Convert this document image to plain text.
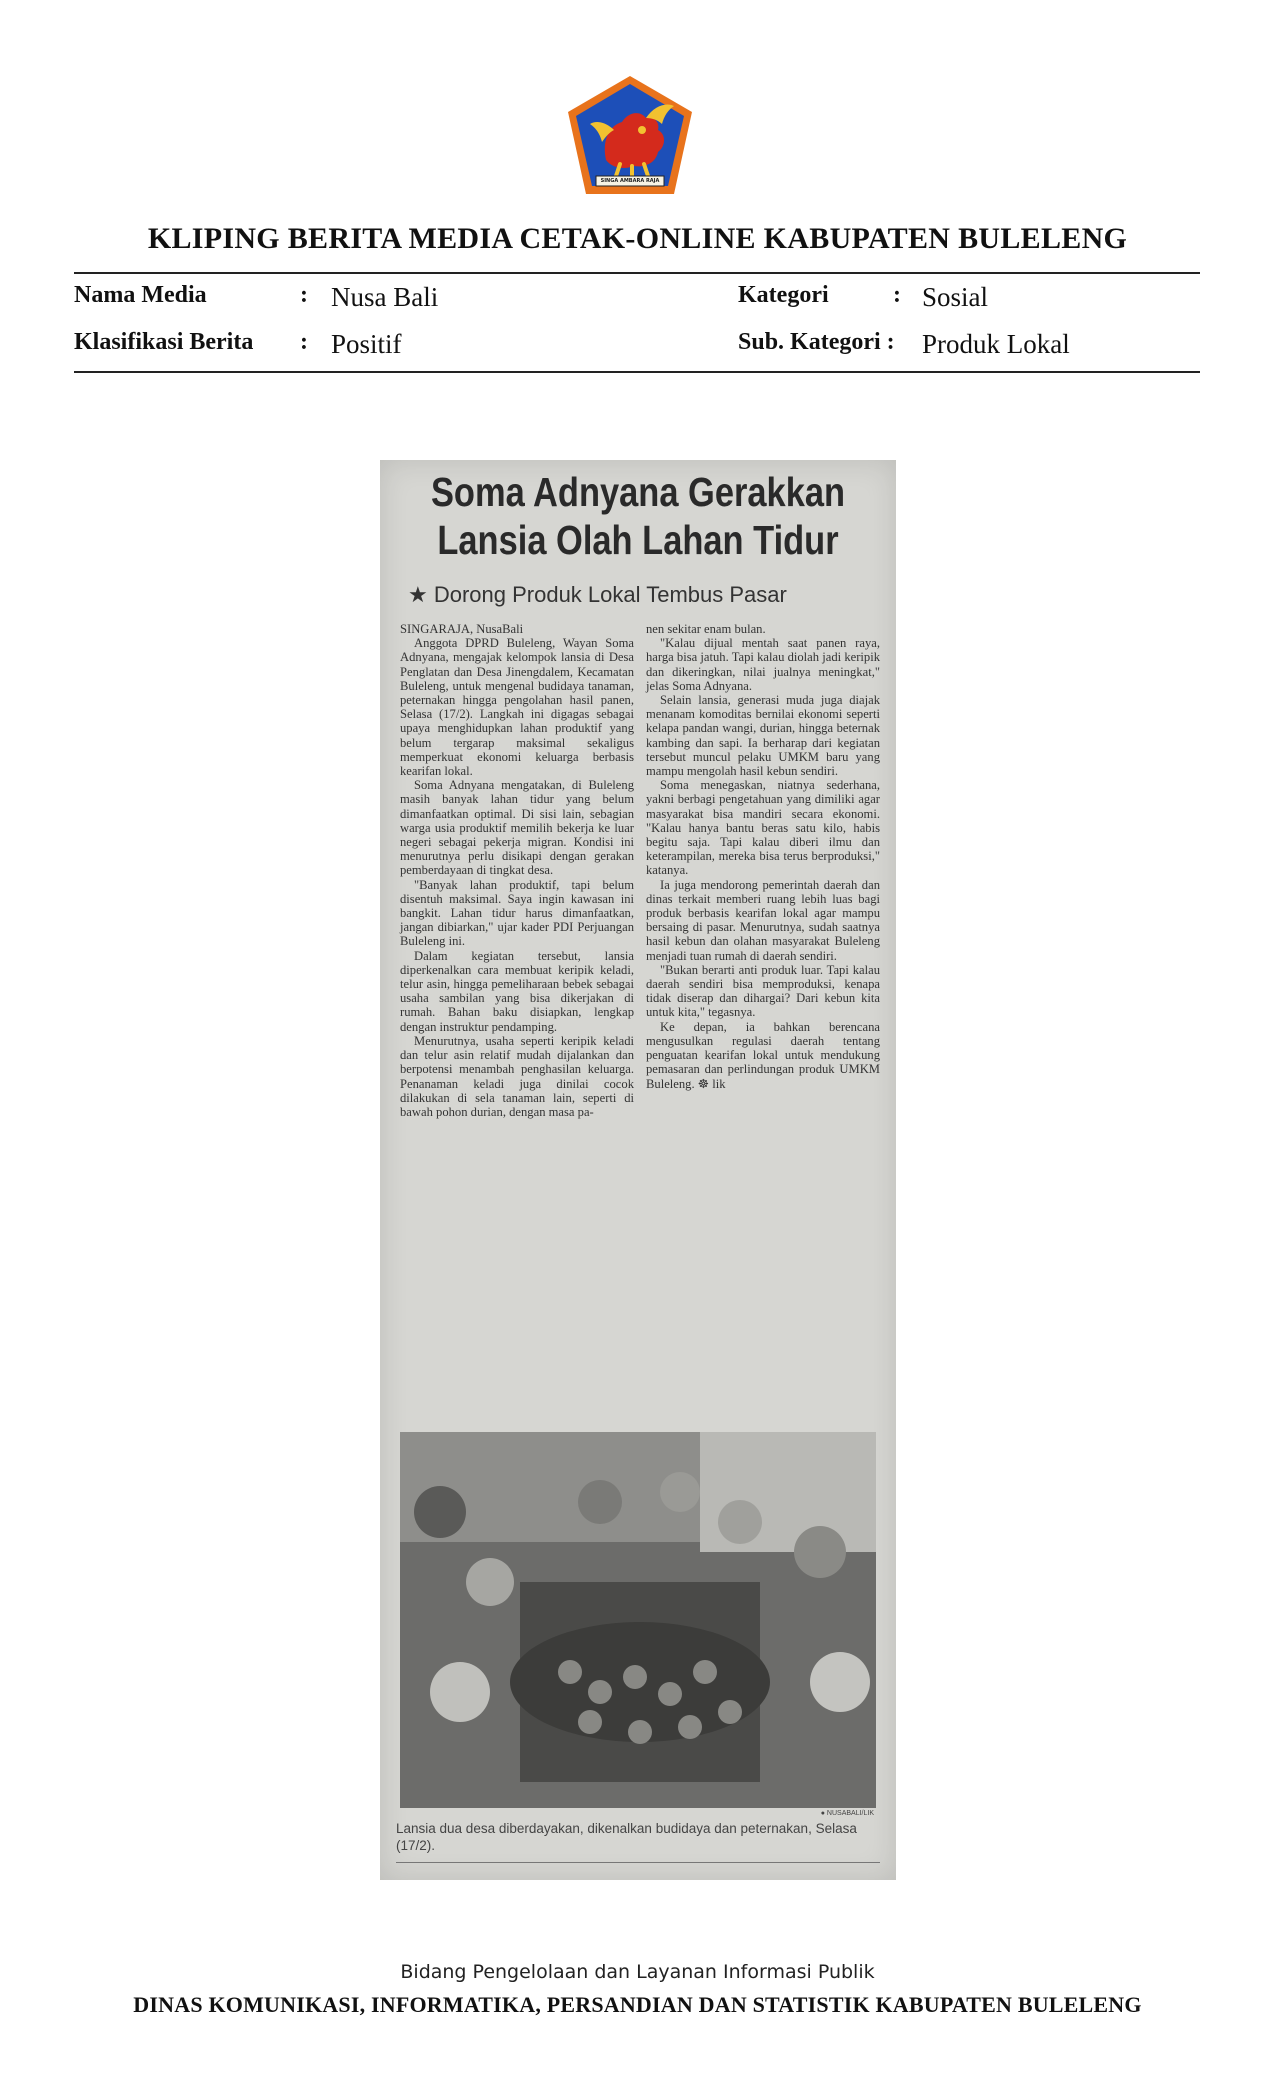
SINGA AMBARA RAJA
KLIPING BERITA MEDIA CETAK-ONLINE KABUPATEN BULELENG
Nama Media	: Nusa Bali
Klasifikasi Berita : Positif
Kategori	: Sosial
Sub. Kategori : Produk Lokal
Soma Adnyana Gerakkan
Lansia Olah Lahan Tidur
★ Dorong Produk Lokal Tembus Pasar

SINGARAJA, NusaBali

Anggota DPRD Buleleng, Wayan Soma Adnyana, mengajak kelompok lansia di Desa Penglatan dan Desa Jinengdalem, Kecamatan Buleleng, untuk mengenal budidaya tanaman, peternakan hingga pengolahan hasil panen, Selasa (17/2). Langkah ini digagas sebagai upaya menghidupkan lahan produktif yang belum tergarap maksimal sekaligus memperkuat ekonomi keluarga berbasis kearifan lokal.

Soma Adnyana mengatakan, di Buleleng masih banyak lahan tidur yang belum dimanfaatkan optimal. Di sisi lain, sebagian warga usia produktif memilih bekerja ke luar negeri sebagai pekerja migran. Kondisi ini menurutnya perlu disikapi dengan gerakan pemberdayaan di tingkat desa.

"Banyak lahan produktif, tapi belum disentuh maksimal. Saya ingin kawasan ini bangkit. Lahan tidur harus dimanfaatkan, jangan dibiarkan," ujar kader PDI Perjuangan Buleleng ini.

Dalam kegiatan tersebut, lansia diperkenalkan cara membuat keripik keladi, telur asin, hingga pemeliharaan bebek sebagai usaha sambilan yang bisa dikerjakan di rumah. Bahan baku disiapkan, lengkap dengan instruktur pendamping.

Menurutnya, usaha seperti keripik keladi dan telur asin relatif mudah dijalankan dan berpotensi menambah penghasilan keluarga. Penanaman keladi juga dinilai cocok dilakukan di sela tanaman lain, seperti di bawah pohon durian, dengan masa pa-

nen sekitar enam bulan.

"Kalau dijual mentah saat panen raya, harga bisa jatuh. Tapi kalau diolah jadi keripik dan dikeringkan, nilai jualnya meningkat," jelas Soma Adnyana.

Selain lansia, generasi muda juga diajak menanam komoditas bernilai ekonomi seperti kelapa pandan wangi, durian, hingga beternak kambing dan sapi. Ia berharap dari kegiatan tersebut muncul pelaku UMKM baru yang mampu mengolah hasil kebun sendiri.

Soma menegaskan, niatnya sederhana, yakni berbagi pengetahuan yang dimiliki agar masyarakat bisa mandiri secara ekonomi. "Kalau hanya bantu beras satu kilo, habis begitu saja. Tapi kalau diberi ilmu dan keterampilan, mereka bisa terus berproduksi," katanya.

Ia juga mendorong pemerintah daerah dan dinas terkait memberi ruang lebih luas bagi produk berbasis kearifan lokal agar mampu bersaing di pasar. Menurutnya, sudah saatnya hasil kebun dan olahan masyarakat Buleleng menjadi tuan rumah di daerah sendiri.

"Bukan berarti anti produk luar. Tapi kalau daerah sendiri bisa memproduksi, kenapa tidak diserap dan dihargai? Dari kebun kita untuk kita," tegasnya.

Ke depan, ia bahkan berencana mengusulkan regulasi daerah tentang penguatan kearifan lokal untuk mendukung pemasaran dan perlindungan produk UMKM Buleleng. ☸ lik

● NUSABALI/LIK
Lansia dua desa diberdayakan, dikenalkan budidaya dan peternakan, Selasa (17/2).
Bidang Pengelolaan dan Layanan Informasi Publik
DINAS KOMUNIKASI, INFORMATIKA, PERSANDIAN DAN STATISTIK KABUPATEN BULELENG
